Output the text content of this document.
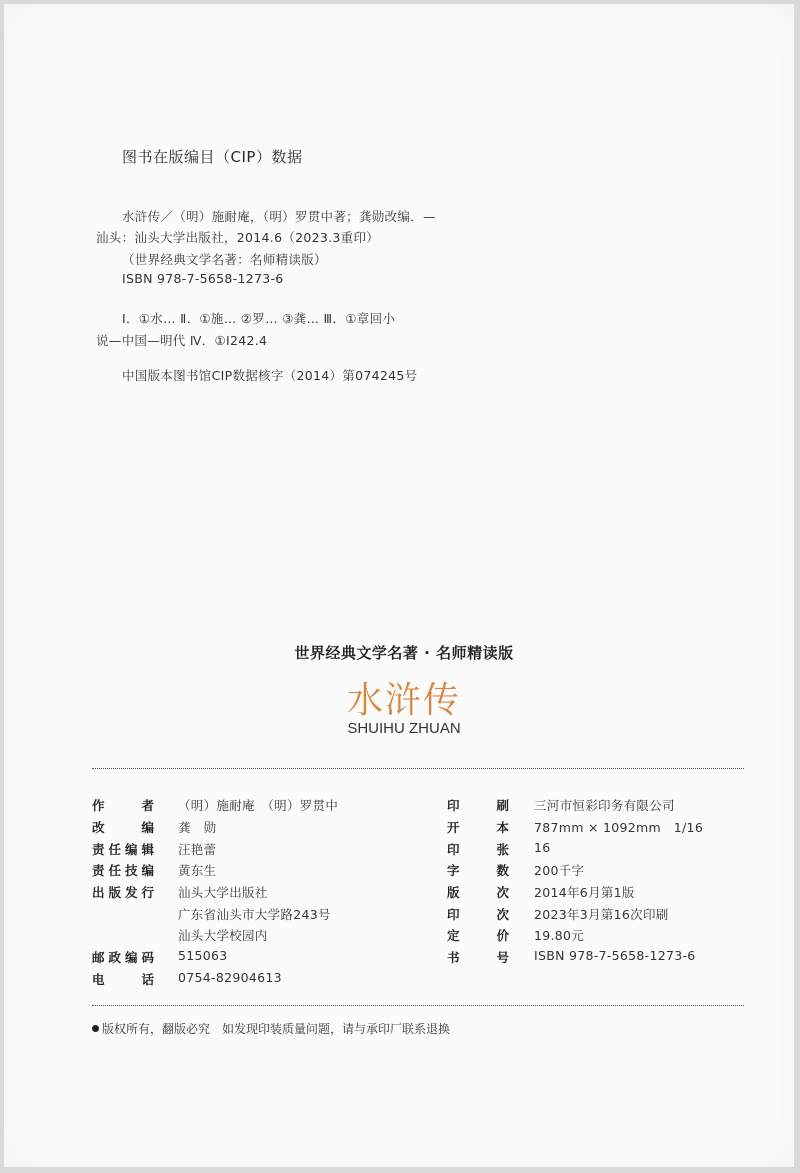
图书在版编目（CIP）数据
水浒传／（明）施耐庵，（明）罗贯中著；龚勋改编．—
汕头：汕头大学出版社，2014.6（2023.3重印）
（世界经典文学名著：名师精读版）
ISBN 978-7-5658-1273-6
Ⅰ．①水… Ⅱ．①施… ②罗… ③龚… Ⅲ．①章回小
说—中国—明代 Ⅳ．①I242.4
中国版本图书馆CIP数据核字（2014）第074245号
世界经典文学名著 · 名师精读版
水浒传
SHUIHU ZHUAN
作　　者 （明）施耐庵　（明）罗贯中
改　　编 龚　勋
责任编辑 汪艳蕾
责任技编 黄东生
出版发行 汕头大学出版社
广东省汕头市大学路243号
汕头大学校园内
邮政编码 515063
电　　话 0754-82904613
印　　刷 三河市恒彩印务有限公司
开　　本 787mm × 1092mm　1/16
印　　张 16
字　　数 200千字
版　　次 2014年6月第1版
印　　次 2023年3月第16次印刷
定　　价 19.80元
书　　号 ISBN 978-7-5658-1273-6
版权所有，翻版必究　如发现印装质量问题，请与承印厂联系退换
